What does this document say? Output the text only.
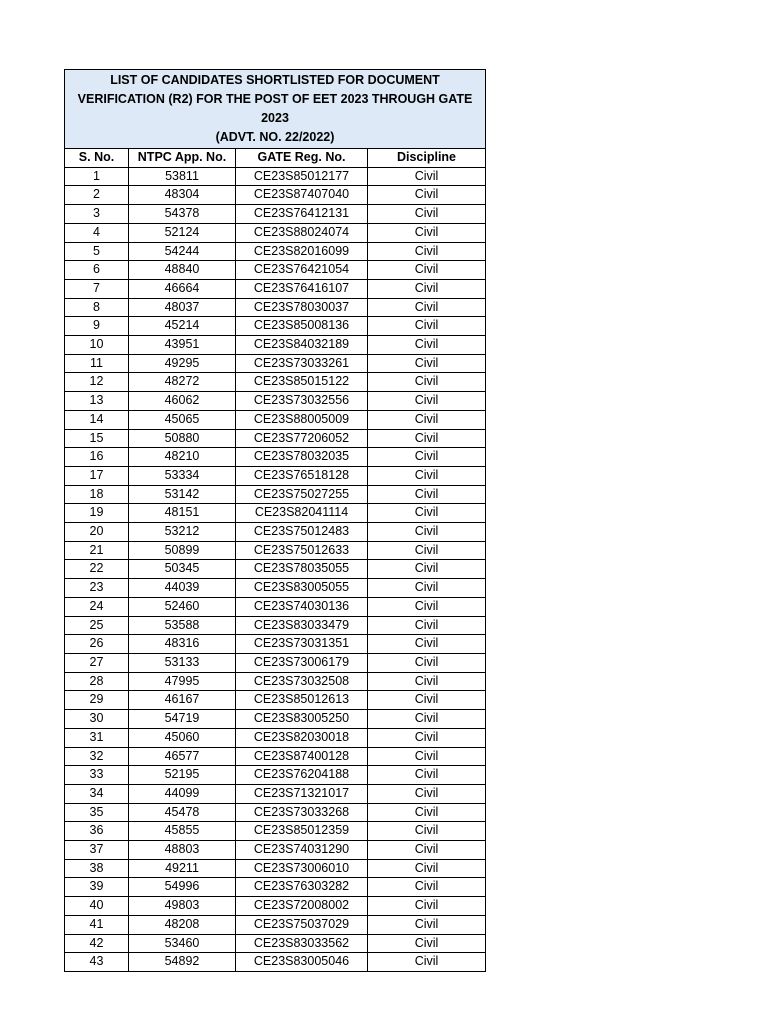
LIST OF CANDIDATES SHORTLISTED FOR DOCUMENT
VERIFICATION (R2) FOR THE POST OF EET 2023 THROUGH GATE 2023
(ADVT. NO. 22/2022)			

S. No.	NTPC App. No.	GATE Reg. No.	Discipline
1	53811	CE23S85012177	Civil
2	48304	CE23S87407040	Civil
3	54378	CE23S76412131	Civil
4	52124	CE23S88024074	Civil
5	54244	CE23S82016099	Civil
6	48840	CE23S76421054	Civil
7	46664	CE23S76416107	Civil
8	48037	CE23S78030037	Civil
9	45214	CE23S85008136	Civil
10	43951	CE23S84032189	Civil
11	49295	CE23S73033261	Civil
12	48272	CE23S85015122	Civil
13	46062	CE23S73032556	Civil
14	45065	CE23S88005009	Civil
15	50880	CE23S77206052	Civil
16	48210	CE23S78032035	Civil
17	53334	CE23S76518128	Civil
18	53142	CE23S75027255	Civil
19	48151	CE23S82041114	Civil
20	53212	CE23S75012483	Civil
21	50899	CE23S75012633	Civil
22	50345	CE23S78035055	Civil
23	44039	CE23S83005055	Civil
24	52460	CE23S74030136	Civil
25	53588	CE23S83033479	Civil
26	48316	CE23S73031351	Civil
27	53133	CE23S73006179	Civil
28	47995	CE23S73032508	Civil
29	46167	CE23S85012613	Civil
30	54719	CE23S83005250	Civil
31	45060	CE23S82030018	Civil
32	46577	CE23S87400128	Civil
33	52195	CE23S76204188	Civil
34	44099	CE23S71321017	Civil
35	45478	CE23S73033268	Civil
36	45855	CE23S85012359	Civil
37	48803	CE23S74031290	Civil
38	49211	CE23S73006010	Civil
39	54996	CE23S76303282	Civil
40	49803	CE23S72008002	Civil
41	48208	CE23S75037029	Civil
42	53460	CE23S83033562	Civil
43	54892	CE23S83005046	Civil
